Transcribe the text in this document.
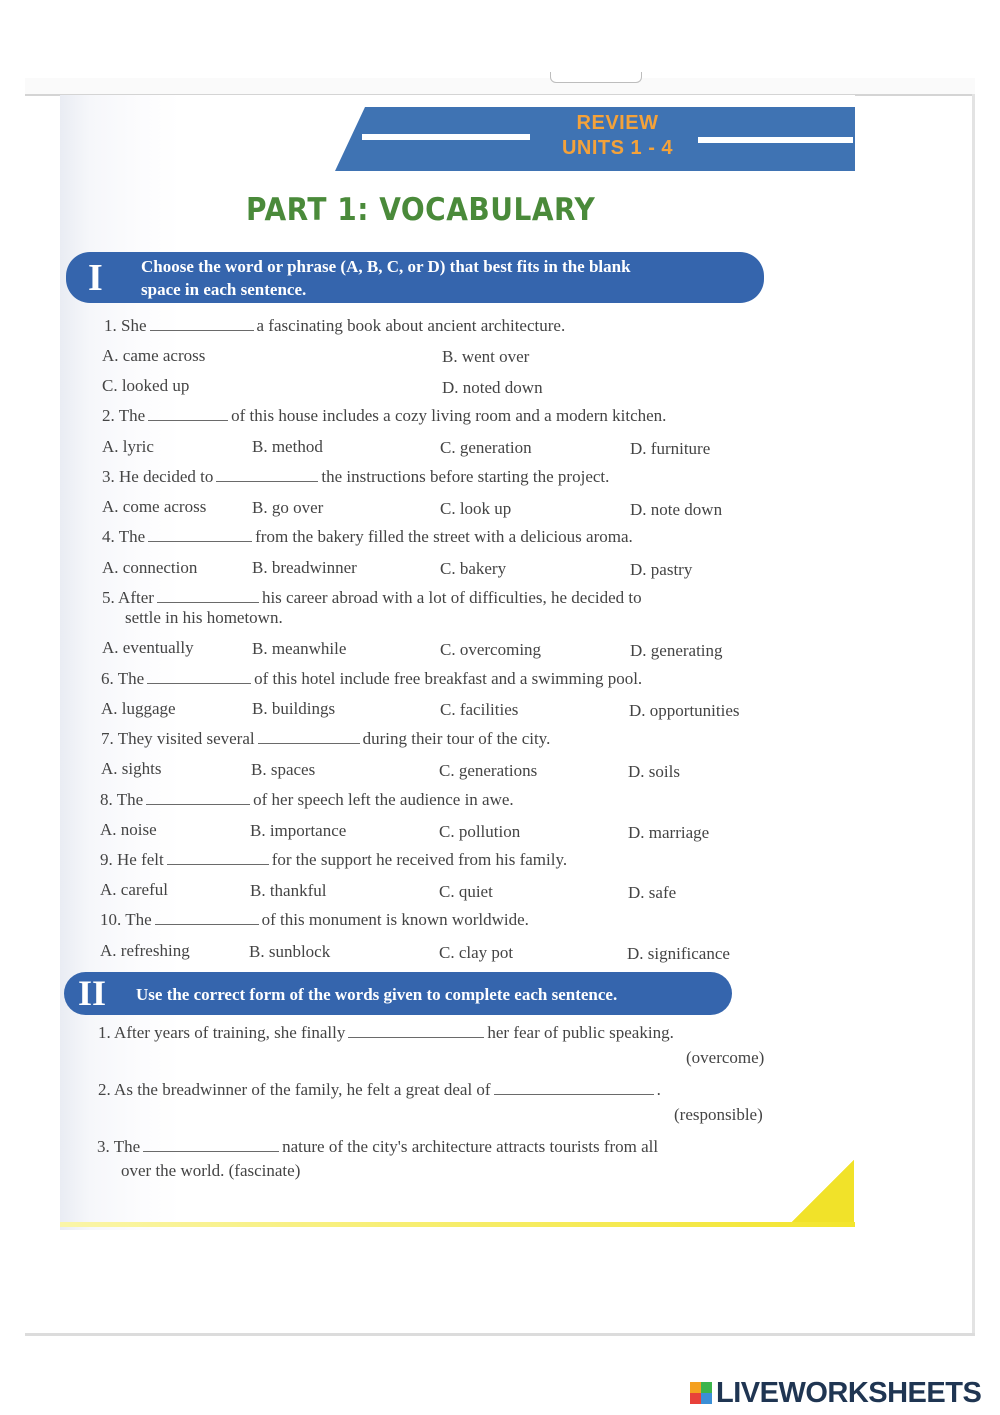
REVIEW
UNITS 1 - 4
PART 1: VOCABULARY
I Choose the word or phrase (A, B, C, or D) that best fits in the blank
space in each sentence.
1. She	a fascinating book about ancient architecture.
A. came across	B. went over
C. looked up	D. noted down
2. The	of this house includes a cozy living room and a modern kitchen.
A. lyric	B. method	C. generation	D. furniture
3. He decided to	the instructions before starting the project.
A. come across	B. go over	C. look up	D. note down
4. The	from the bakery filled the street with a delicious aroma.
A. connection	B. breadwinner	C. bakery	D. pastry
5. After	his career abroad with a lot of difficulties, he decided to
settle in his hometown.
A. eventually	B. meanwhile	C. overcoming	D. generating
6. The	of this hotel include free breakfast and a swimming pool.
A. luggage	B. buildings	C. facilities	D. opportunities
7. They visited several	during their tour of the city.
A. sights	B. spaces	C. generations	D. soils
8. The	of her speech left the audience in awe.
A. noise	B. importance	C. pollution	D. marriage
9. He felt	for the support he received from his family.
A. careful	B. thankful	C. quiet	D. safe
10. The	of this monument is known worldwide.
A. refreshing	B. sunblock	C. clay pot	D. significance
II Use the correct form of the words given to complete each sentence.
1. After years of training, she finally	her fear of public speaking.
(overcome)
2. As the breadwinner of the family, he felt a great deal of	.
(responsible)
3. The	nature of the city's architecture attracts tourists from all
over the world. (fascinate)
LIVEWORKSHEETS
